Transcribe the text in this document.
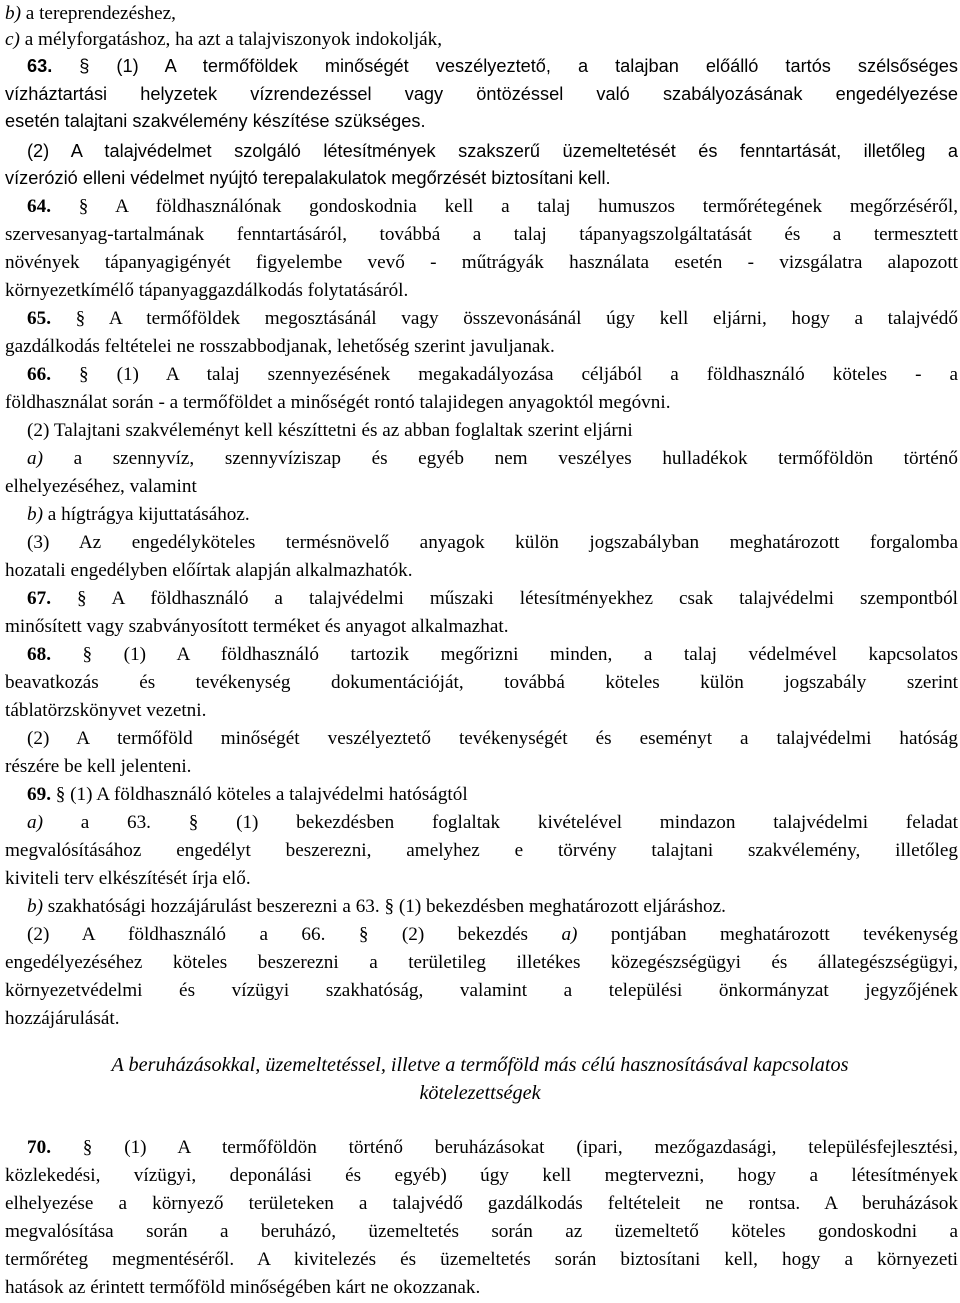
b) a tereprendezéshez,
c) a mélyforgatáshoz, ha azt a talajviszonyok indokolják,
63. § (1) A termőföldek minőségét veszélyeztető, a talajban előálló tartós szélsőséges
vízháztartási helyzetek vízrendezéssel vagy öntözéssel való szabályozásának engedélyezése
esetén talajtani szakvélemény készítése szükséges.
(2) A talajvédelmet szolgáló létesítmények szakszerű üzemeltetését és fenntartását, illetőleg a
vízerózió elleni védelmet nyújtó terepalakulatok megőrzését biztosítani kell.
64. § A földhasználónak gondoskodnia kell a talaj humuszos termőrétegének megőrzéséről,
szervesanyag-tartalmának fenntartásáról, továbbá a talaj tápanyagszolgáltatását és a termesztett
növények tápanyagigényét figyelembe vevő - műtrágyák használata esetén - vizsgálatra alapozott
környezetkímélő tápanyaggazdálkodás folytatásáról.
65. § A termőföldek megosztásánál vagy összevonásánál úgy kell eljárni, hogy a talajvédő
gazdálkodás feltételei ne rosszabbodjanak, lehetőség szerint javuljanak.
66. § (1) A talaj szennyezésének megakadályozása céljából a földhasználó köteles - a
földhasználat során - a termőföldet a minőségét rontó talajidegen anyagoktól megóvni.
(2) Talajtani szakvéleményt kell készíttetni és az abban foglaltak szerint eljárni
a) a szennyvíz, szennyvíziszap és egyéb nem veszélyes hulladékok termőföldön történő
elhelyezéséhez, valamint
b) a hígtrágya kijuttatásához.
(3) Az engedélyköteles termésnövelő anyagok külön jogszabályban meghatározott forgalomba
hozatali engedélyben előírtak alapján alkalmazhatók.
67. § A földhasználó a talajvédelmi műszaki létesítményekhez csak talajvédelmi szempontból
minősített vagy szabványosított terméket és anyagot alkalmazhat.
68. § (1) A földhasználó tartozik megőrizni minden, a talaj védelmével kapcsolatos
beavatkozás és tevékenység dokumentációját, továbbá köteles külön jogszabály szerint
táblatörzskönyvet vezetni.
(2) A termőföld minőségét veszélyeztető tevékenységét és eseményt a talajvédelmi hatóság
részére be kell jelenteni.
69. § (1) A földhasználó köteles a talajvédelmi hatóságtól
a) a 63. § (1) bekezdésben foglaltak kivételével mindazon talajvédelmi feladat
megvalósításához engedélyt beszerezni, amelyhez e törvény talajtani szakvélemény, illetőleg
kiviteli terv elkészítését írja elő.
b) szakhatósági hozzájárulást beszerezni a 63. § (1) bekezdésben meghatározott eljáráshoz.
(2) A földhasználó a 66. § (2) bekezdés a) pontjában meghatározott tevékenység
engedélyezéséhez köteles beszerezni a területileg illetékes közegészségügyi és állategészségügyi,
környezetvédelmi és vízügyi szakhatóság, valamint a települési önkormányzat jegyzőjének
hozzájárulását.
A beruházásokkal, üzemeltetéssel, illetve a termőföld más célú hasznosításával kapcsolatos
kötelezettségek
70. § (1) A termőföldön történő beruházásokat (ipari, mezőgazdasági, településfejlesztési,
közlekedési, vízügyi, deponálási és egyéb) úgy kell megtervezni, hogy a létesítmények
elhelyezése a környező területeken a talajvédő gazdálkodás feltételeit ne rontsa. A beruházások
megvalósítása során a beruházó, üzemeltetés során az üzemeltető köteles gondoskodni a
termőréteg megmentéséről. A kivitelezés és üzemeltetés során biztosítani kell, hogy a környezeti
hatások az érintett termőföld minőségében kárt ne okozzanak.
